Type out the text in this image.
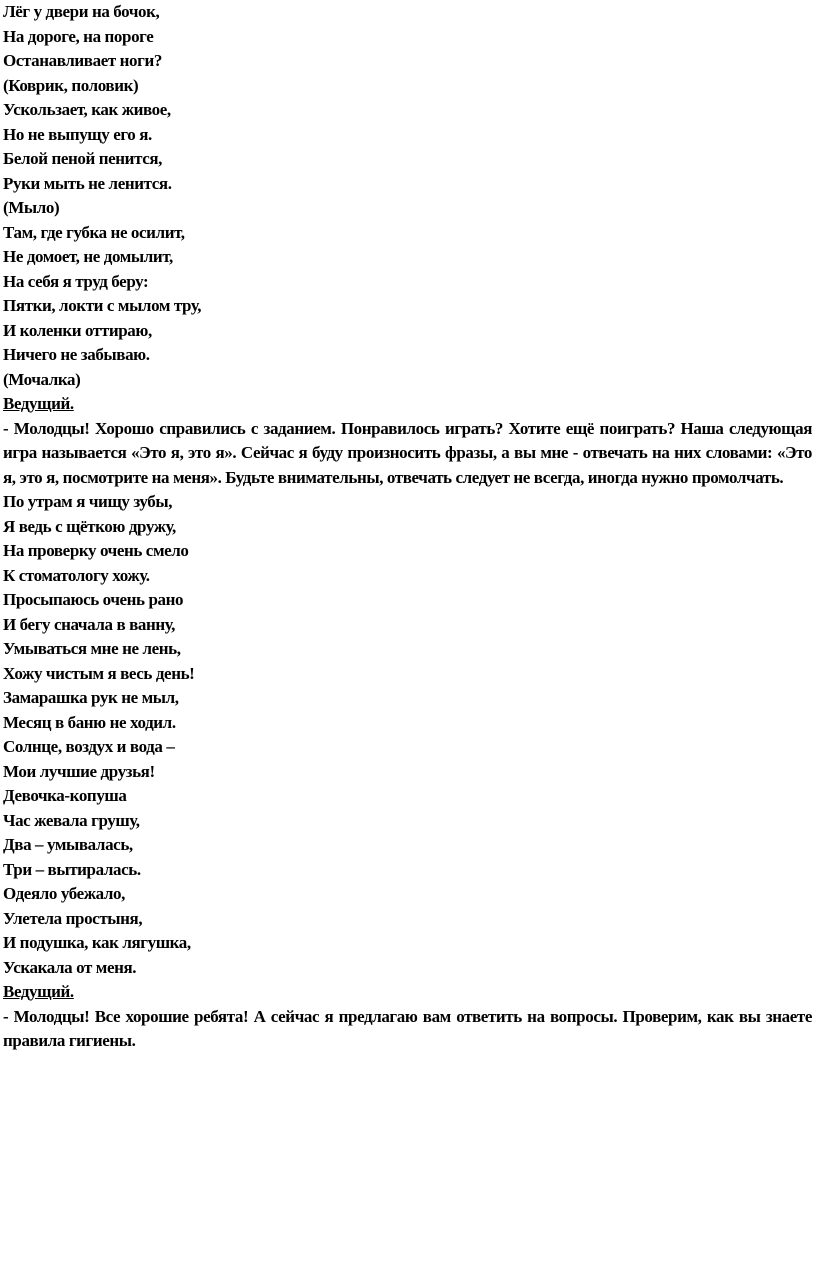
Лёг у двери на бочок,
На дороге, на пороге
Останавливает ноги?
(Коврик, половик)
Ускользает, как живое,
Но не выпущу его я.
Белой пеной пенится,
Руки мыть не ленится.
(Мыло)
Там, где губка не осилит,
Не домоет, не домылит,
На себя я труд беру:
Пятки, локти с мылом тру,
И коленки оттираю,
Ничего не забываю.
(Мочалка)
Ведущий.

- Молодцы! Хорошо справились с заданием. Понравилось играть? Хотите ещё поиграть? Наша следующая игра называется «Это я, это я». Сейчас я буду произносить фразы, а вы мне - отвечать на них словами: «Это я, это я, посмотрите на меня». Будьте внимательны, отвечать следует не всегда, иногда нужно промолчать.

По утрам я чищу зубы,
Я ведь с щёткою дружу,
На проверку очень смело
К стоматологу хожу.
Просыпаюсь очень рано
И бегу сначала в ванну,
Умываться мне не лень,
Хожу чистым я весь день!
Замарашка рук не мыл,
Месяц в баню не ходил.
Солнце, воздух и вода –
Мои лучшие друзья!
Девочка-копуша
Час жевала грушу,
Два – умывалась,
Три – вытиралась.
Одеяло убежало,
Улетела простыня,
И подушка, как лягушка,
Ускакала от меня.
Ведущий.

- Молодцы! Все хорошие ребята! А сейчас я предлагаю вам ответить на вопросы. Проверим, как вы знаете правила гигиены.
